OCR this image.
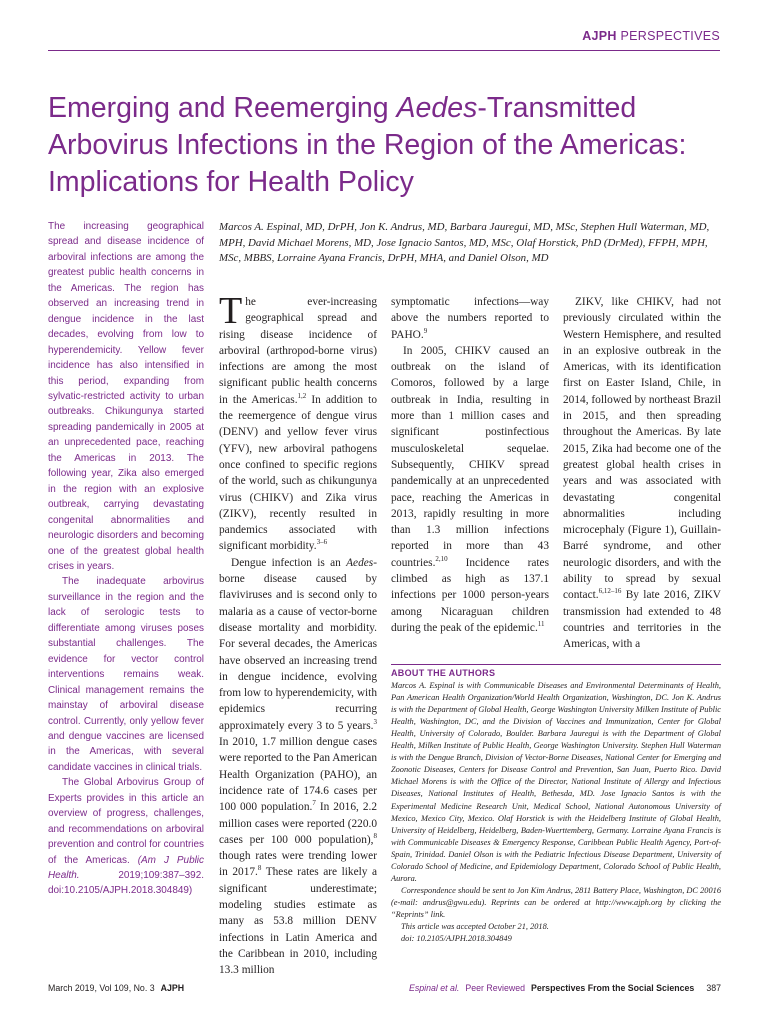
AJPH PERSPECTIVES
Emerging and Reemerging Aedes-Transmitted Arbovirus Infections in the Region of the Americas: Implications for Health Policy

The increasing geographical spread and disease incidence of arboviral infections are among the greatest public health concerns in the Americas. The region has observed an increasing trend in dengue incidence in the last decades, evolving from low to hyperendemicity. Yellow fever incidence has also intensified in this period, expanding from sylvatic-restricted activity to urban outbreaks. Chikungunya started spreading pandemically in 2005 at an unprecedented pace, reaching the Americas in 2013. The following year, Zika also emerged in the region with an explosive outbreak, carrying devastating congenital abnormalities and neurologic disorders and becoming one of the greatest global health crises in years.

The inadequate arbovirus surveillance in the region and the lack of serologic tests to differentiate among viruses poses substantial challenges. The evidence for vector control interventions remains weak. Clinical management remains the mainstay of arboviral disease control. Currently, only yellow fever and dengue vaccines are licensed in the Americas, with several candidate vaccines in clinical trials.

The Global Arbovirus Group of Experts provides in this article an overview of progress, challenges, and recommendations on arboviral prevention and control for countries of the Americas. (Am J Public Health. 2019;109:387–392. doi:10.2105/AJPH.2018.304849)

Marcos A. Espinal, MD, DrPH, Jon K. Andrus, MD, Barbara Jauregui, MD, MSc, Stephen Hull Waterman, MD, MPH, David Michael Morens, MD, Jose Ignacio Santos, MD, MSc, Olaf Horstick, PhD (DrMed), FFPH, MPH, MSc, MBBS, Lorraine Ayana Francis, DrPH, MHA, and Daniel Olson, MD

The ever-increasing geographical spread and rising disease incidence of arboviral (arthropod-borne virus) infections are among the most significant public health concerns in the Americas.$^{1,2}$ In addition to the reemergence of dengue virus (DENV) and yellow fever virus (YFV), new arboviral pathogens once confined to specific regions of the world, such as chikungunya virus (CHIKV) and Zika virus (ZIKV), recently resulted in pandemics associated with significant morbidity.$^{3-6}$

Dengue infection is an Aedes-borne disease caused by flaviviruses and is second only to malaria as a cause of vector-borne disease mortality and morbidity. For several decades, the Americas have observed an increasing trend in dengue incidence, evolving from low to hyperendemicity, with epidemics recurring approximately every 3 to 5 years.$^3$ In 2010, 1.7 million dengue cases were reported to the Pan American Health Organization (PAHO), an incidence rate of 174.6 cases per 100 000 population.$^7$ In 2016, 2.2 million cases were reported (220.0 cases per 100 000 population),$^8$ though rates were trending lower in 2017.$^8$ These rates are likely a significant underestimate; modeling studies estimate as many as 53.8 million DENV infections in Latin America and the Caribbean in 2010, including 13.3 million

symptomatic infections—way above the numbers reported to PAHO.$^9$

In 2005, CHIKV caused an outbreak on the island of Comoros, followed by a large outbreak in India, resulting in more than 1 million cases and significant postinfectious musculoskeletal sequelae. Subsequently, CHIKV spread pandemically at an unprecedented pace, reaching the Americas in 2013, rapidly resulting in more than 1.3 million infections reported in more than 43 countries.$^{2,10}$ Incidence rates climbed as high as 137.1 infections per 1000 person-years among Nicaraguan children during the peak of the epidemic.$^{11}$

ZIKV, like CHIKV, had not previously circulated within the Western Hemisphere, and resulted in an explosive outbreak in the Americas, with its identification first on Easter Island, Chile, in 2014, followed by northeast Brazil in 2015, and then spreading throughout the Americas. By late 2015, Zika had become one of the greatest global health crises in years and was associated with devastating congenital abnormalities including microcephaly (Figure 1), Guillain-Barré syndrome, and other neurologic disorders, and with the ability to spread by sexual contact.$^{6,12-16}$ By late 2016, ZIKV transmission had extended to 48 countries and territories in the Americas, with a

ABOUT THE AUTHORS

Marcos A. Espinal is with Communicable Diseases and Environmental Determinants of Health, Pan American Health Organization/World Health Organization, Washington, DC. Jon K. Andrus is with the Department of Global Health, George Washington University Milken Institute of Public Health, Washington, DC, and the Division of Vaccines and Immunization, Center for Global Health, University of Colorado, Boulder. Barbara Jauregui is with the Department of Global Health, Milken Institute of Public Health, George Washington University. Stephen Hull Waterman is with the Dengue Branch, Division of Vector-Borne Diseases, National Center for Emerging and Zoonotic Diseases, Centers for Disease Control and Prevention, San Juan, Puerto Rico. David Michael Morens is with the Office of the Director, National Institute of Allergy and Infectious Diseases, National Institutes of Health, Bethesda, MD. Jose Ignacio Santos is with the Experimental Medicine Research Unit, Medical School, National Autonomous University of Mexico, Mexico City, Mexico. Olaf Horstick is with the Heidelberg Institute of Global Health, University of Heidelberg, Heidelberg, Baden-Wuerttemberg, Germany. Lorraine Ayana Francis is with Communicable Diseases & Emergency Response, Caribbean Public Health Agency, Port-of-Spain, Trinidad. Daniel Olson is with the Pediatric Infectious Disease Department, University of Colorado School of Medicine, and Epidemiology Department, Colorado School of Public Health, Aurora.

Correspondence should be sent to Jon Kim Andrus, 2811 Battery Place, Washington, DC 20016 (e-mail: andrus@gwu.edu). Reprints can be ordered at http://www.ajph.org by clicking the “Reprints” link.

This article was accepted October 21, 2018.

doi: 10.2105/AJPH.2018.304849

March 2019, Vol 109, No. 3 AJPH	Espinal et al. Peer Reviewed Perspectives From the Social Sciences 387
